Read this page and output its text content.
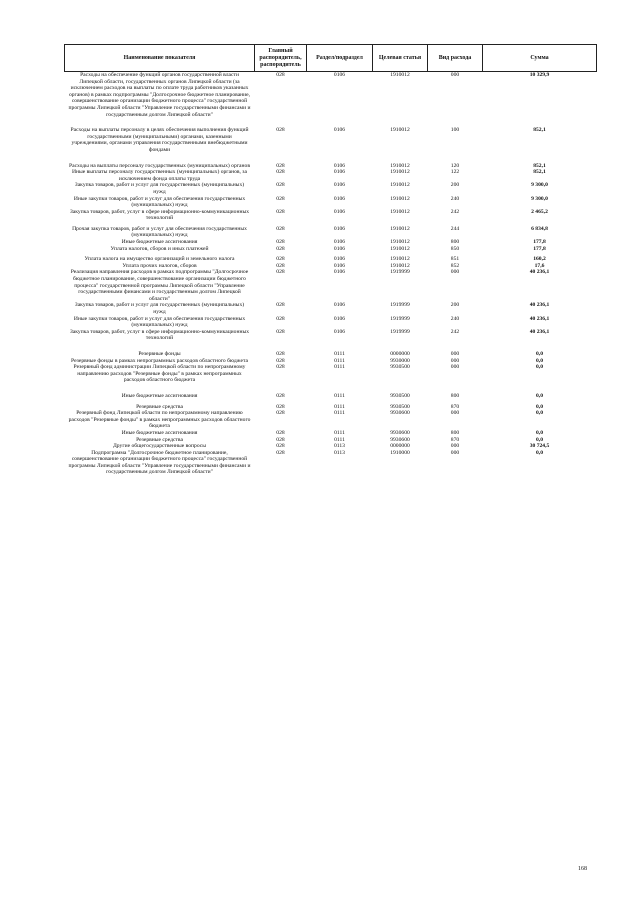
Наименование показателя	Главный распорядитель, распорядитель	Раздел/подраздел	Целевая статья	Вид расхода	Сумма
Расходы на обеспечение функций органов государственной власти Липецкой области, государственных органов Липецкой области (за исключением расходов на выплаты по оплате труда работников указанных органов) в рамках подпрограммы "Долгосрочное бюджетное планирование, совершенствование организации бюджетного процесса" государственной программы Липецкой области "Управление государственными финансами и государственным долгом Липецкой области"	028	0106	1910012	000	10 329,9
Расходы на выплаты персоналу в целях обеспечения выполнения функций государственными (муниципальными) органами, казенными учреждениями, органами управления государственными внебюджетными фондами	028	0106	1910012	100	852,1
Расходы на выплаты персоналу государственных (муниципальных) органов	028	0106	1910012	120	852,1
Иные выплаты персоналу государственных (муниципальных) органов, за исключением фонда оплаты труда	028	0106	1910012	122	852,1
Закупка товаров, работ и услуг для государственных (муниципальных) нужд	028	0106	1910012	200	9 300,0
Иные закупки товаров, работ и услуг для обеспечения государственных (муниципальных) нужд	028	0106	1910012	240	9 300,0
Закупка товаров, работ, услуг в сфере информационно-коммуникационных технологий	028	0106	1910012	242	2 465,2
Прочая закупка товаров, работ и услуг для обеспечения государственных (муниципальных) нужд	028	0106	1910012	244	6 834,8
Иные бюджетные ассигнования	028	0106	1910012	800	177,8
Уплата налогов, сборов и иных платежей	028	0106	1910012	850	177,8
Уплата налога на имущество организаций и земельного налога	028	0106	1910012	851	160,2
Уплата прочих налогов, сборов	028	0106	1910012	852	17,6
Реализация направления расходов в рамках подпрограммы "Долгосрочное бюджетное планирование, совершенствование организации бюджетного процесса" государственной программы Липецкой области "Управление государственными финансами и государственным долгом Липецкой области"	028	0106	1919999	000	40 236,1
Закупка товаров, работ и услуг для государственных (муниципальных) нужд	028	0106	1919999	200	40 236,1
Иные закупки товаров, работ и услуг для обеспечения государственных (муниципальных) нужд	028	0106	1919999	240	40 236,1
Закупка товаров, работ, услуг в сфере информационно-коммуникационных технологий	028	0106	1919999	242	40 236,1
Резервные фонды	028	0111	0000000	000	0,0
Резервные фонды в рамках непрограммных расходов областного бюджета	028	0111	9930000	000	0,0
Резервный фонд администрации Липецкой области по непрограммному направлению расходов "Резервные фонды" в рамках непрограммных расходов областного бюджета	028	0111	9930500	000	0,0
Иные бюджетные ассигнования	028	0111	9930500	800	0,0
Резервные средства	028	0111	9930500	870	0,0
Резервный фонд Липецкой области по непрограммному направлению расходов "Резервные фонды" в рамках непрограммных расходов областного бюджета	028	0111	9930600	000	0,0
Иные бюджетные ассигнования	028	0111	9930600	800	0,0
Резервные средства	028	0111	9930600	870	0,0
Другие общегосударственные вопросы	028	0113	0000000	000	30 724,5
Подпрограмма "Долгосрочное бюджетное планирование, совершенствование организации бюджетного процесса" государственной программы Липецкой области "Управление государственными финансами и государственным долгом Липецкой области"	028	0113	1910000	000	0,0
168
